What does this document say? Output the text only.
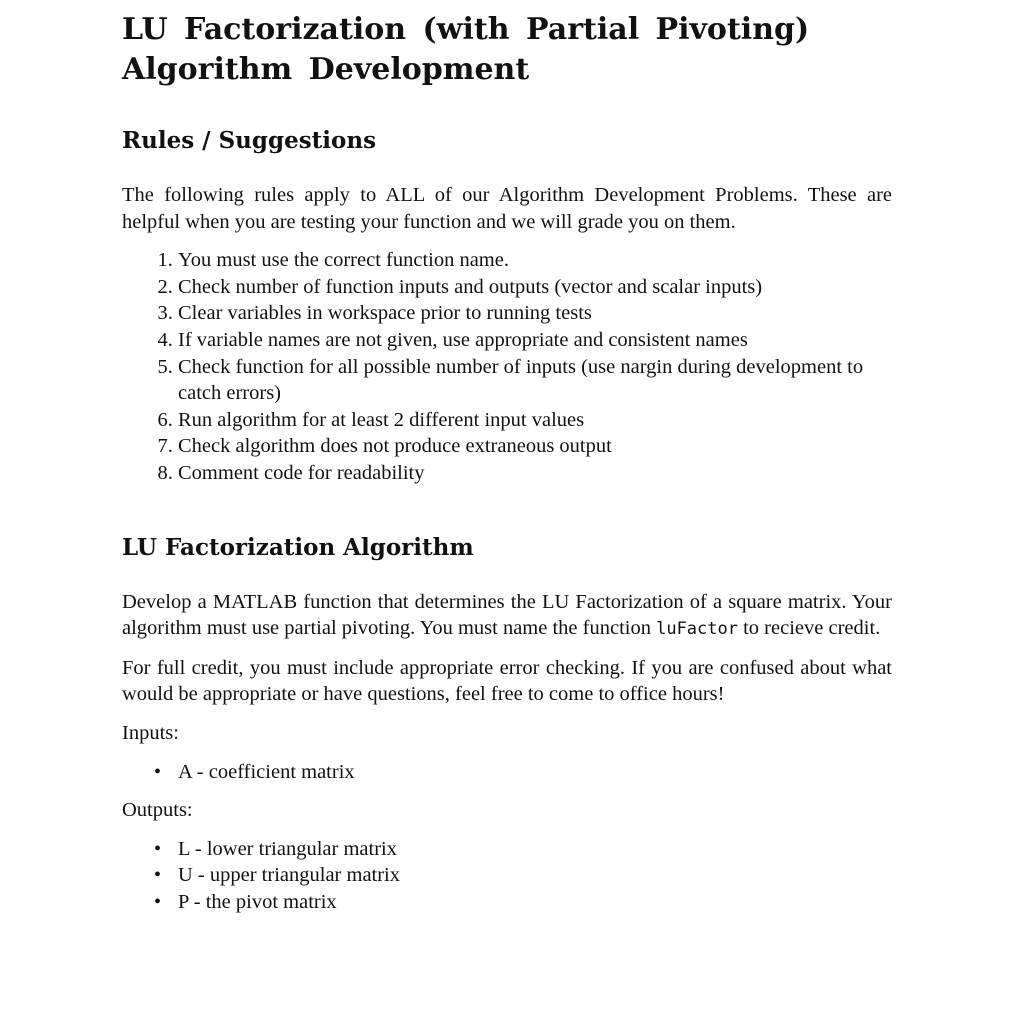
LU Factorization (with Partial Pivoting) Algorithm Development
Rules / Suggestions

The following rules apply to ALL of our Algorithm Development Problems. These are helpful when you are testing your function and we will grade you on them.

1. You must use the correct function name.
2. Check number of function inputs and outputs (vector and scalar inputs)
3. Clear variables in workspace prior to running tests
4. If variable names are not given, use appropriate and consistent names
5. Check function for all possible number of inputs (use nargin during development to catch errors)
6. Run algorithm for at least 2 different input values
7. Check algorithm does not produce extraneous output
8. Comment code for readability
LU Factorization Algorithm

Develop a MATLAB function that determines the LU Factorization of a square matrix. Your algorithm must use partial pivoting. You must name the function luFactor to recieve credit.

For full credit, you must include appropriate error checking. If you are confused about what would be appropriate or have questions, feel free to come to office hours!

Inputs:

• A - coefficient matrix

Outputs:

• L - lower triangular matrix
• U - upper triangular matrix
• P - the pivot matrix
